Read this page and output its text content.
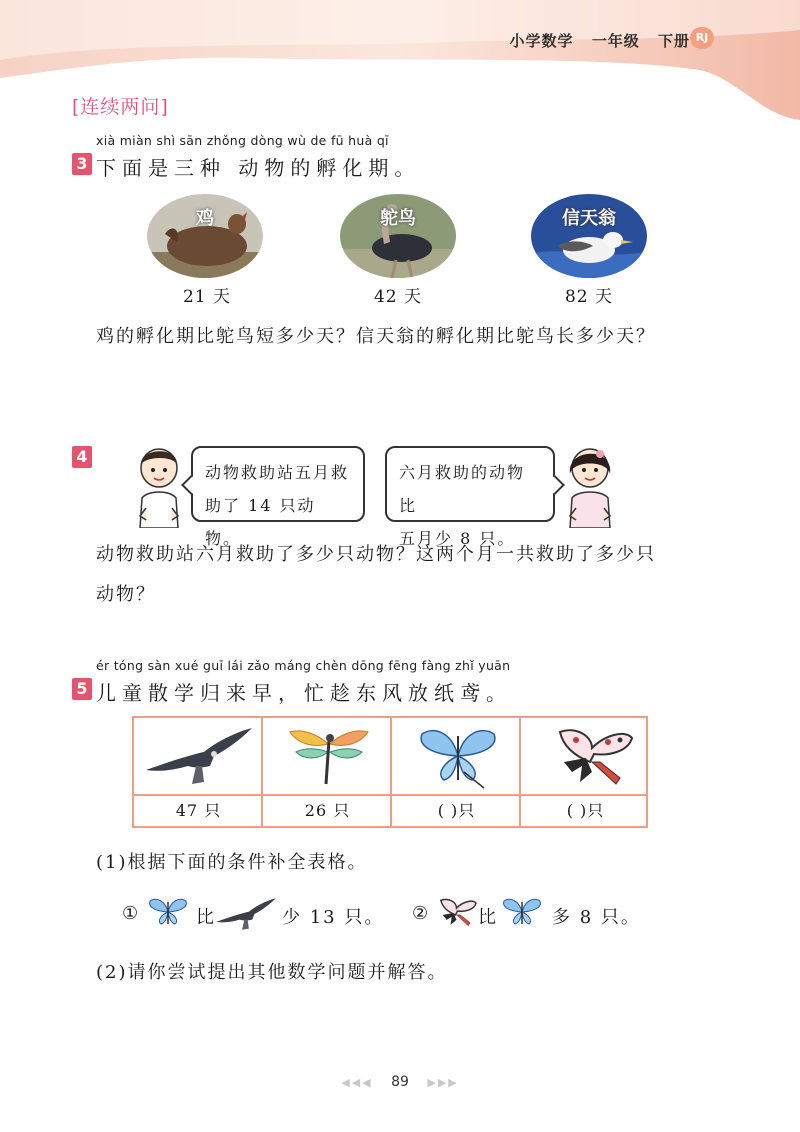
小学数学 一年级 下册 RJ
[连续两问]
xià miàn shì sān zhǒng dòng wù de fū huà qī
3 下面是三种 动物的孵化期。
鸡
21 天
鸵鸟
42 天
信天翁
82 天
鸡的孵化期比鸵鸟短多少天？信天翁的孵化期比鸵鸟长多少天？
4
动物救助站五月救
助了 14 只动物。
六月救助的动物比
五月少 8 只。
动物救助站六月救助了多少只动物？这两个月一共救助了多少只
动物？
ér tóng sàn xué guī lái zǎo máng chèn dōng fēng fàng zhǐ yuān
5 儿童散学归来早，忙趁东风放纸鸢。
47 只	26 只	( )只	( )只
(1)根据下面的条件补全表格。
①	比	少 13 只。 ②	比	多 8 只。
(2)请你尝试提出其他数学问题并解答。
◀◀◀ 89 ▶▶▶
